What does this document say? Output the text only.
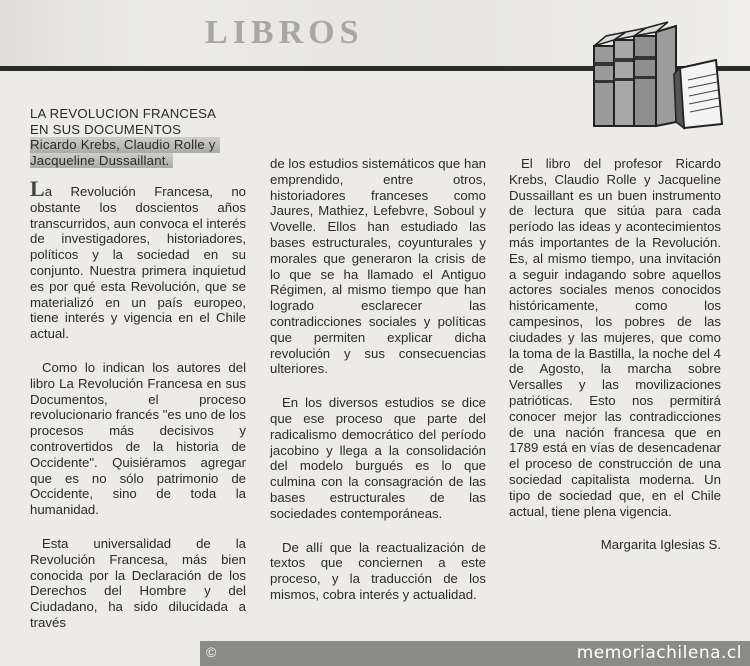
LIBROS
LA REVOLUCION FRANCESA
EN SUS DOCUMENTOS
Ricardo Krebs, Claudio Rolle y
Jacqueline Dussaillant.

La Revolución Francesa, no obstante los doscientos años transcurridos, aun convoca el interés de investigadores, historiadores, políticos y la sociedad en su conjunto. Nuestra primera inquietud es por qué esta Revolución, que se materializó en un país europeo, tiene interés y vigencia en el Chile actual.

Como lo indican los autores del libro La Revolución Francesa en sus Documentos, el proceso revolucionario francés "es uno de los procesos más decisivos y controvertidos de la historia de Occidente". Quisiéramos agregar que es no sólo patrimonio de Occidente, sino de toda la humanidad.

Esta universalidad de la Revolución Francesa, más bien conocida por la Declaración de los Derechos del Hombre y del Ciudadano, ha sido dilucidada a través

de los estudios sistemáticos que han emprendido, entre otros, historiadores franceses como Jaures, Mathiez, Lefebvre, Soboul y Vovelle. Ellos han estudiado las bases estructurales, coyunturales y morales que generaron la crisis de lo que se ha llamado el Antiguo Régimen, al mismo tiempo que han logrado esclarecer las contradicciones sociales y políticas que permiten explicar dicha revolución y sus consecuencias ulteriores.

En los diversos estudios se dice que ese proceso que parte del radicalismo democrático del período jacobino y llega a la consolidación del modelo burgués es lo que culmina con la consagración de las bases estructurales de las sociedades contemporáneas.

De allí que la reactualización de textos que conciernen a este proceso, y la traducción de los mismos, cobra interés y actualidad.

El libro del profesor Ricardo Krebs, Claudio Rolle y Jacqueline Dussaillant es un buen instrumento de lectura que sitúa para cada período las ideas y acontecimientos más importantes de la Revolución. Es, al mismo tiempo, una invitación a seguir indagando sobre aquellos actores sociales menos conocidos históricamente, como los campesinos, los pobres de las ciudades y las mujeres, que como la toma de la Bastilla, la noche del 4 de Agosto, la marcha sobre Versalles y las movilizaciones patrióticas. Esto nos permitirá conocer mejor las contradicciones de una nación francesa que en 1789 está en vías de desencadenar el proceso de construcción de una sociedad capitalista moderna. Un tipo de sociedad que, en el Chile actual, tiene plena vigencia.

Margarita Iglesias S.

©	memoriachilena.cl
